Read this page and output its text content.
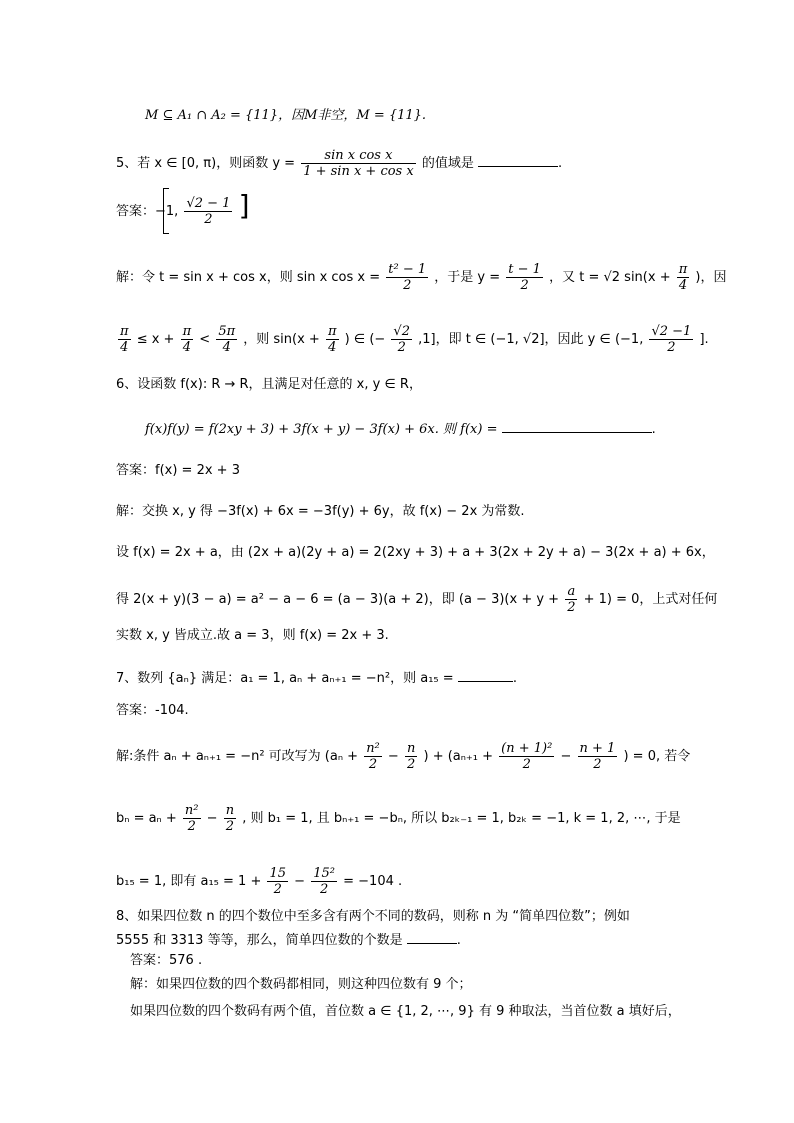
M ⊆ A₁ ∩ A₂ = {11}，因M非空，M = {11}.
5、若 x ∈ [0, π)，则函数 $y = \frac{\text{sin x cos x}}{\text{1 + sin x + cos x}}$ 的值域是	.
答案：−1, $\frac{√2 - 1}{2}$ ]
解：令 t = sin x + cos x，则 sin x $\cos x = \frac{\text{t² − 1}}{2}$ ，于是 $y = \frac{t - 1}{2}$ ，又 t = √2 $\sin(x + \frac{\pi}{4}$ )，因
$\frac{\pi}{4} \le x + \frac{\pi}{4} < \frac{5\pi}{4}$ ，则 $\sin(x + \frac{\pi}{4}$ ) ∈ (− $\frac{√2}{2} ,1$]，即 t ∈ (−1, √2]，因此 y ∈ (−1, $\frac{√2 -1}{2}$ ].
6、设函数 f(x): R → R，且满足对任意的 x, y ∈ R，
f(x)f(y) = f(2xy + 3) + 3f(x + y) − 3f(x) + 6x. 则 f(x) =	.
答案：f(x) = 2x + 3
解：交换 x, y 得 −3f(x) + 6x = −3f(y) + 6y，故 f(x) − 2x 为常数.
设 f(x) = 2x + a，由 (2x + a)(2y + a) = 2(2xy + 3) + a + 3(2x + 2y + a) − 3(2x + a) + 6x，
得 2(x + y)(3 − a) = a² − a − 6 = (a − 3)(a + 2)，即 $(a - 3)(x + y + \frac{a}{2} + 1) = 0$，上式对任何
实数 x, y 皆成立.故 a = 3，则 f(x) = 2x + 3.
7、数列 {aₙ} 满足：a₁ = 1, aₙ + aₙ₊₁ = −n²，则 a₁₅ =	.
答案：-104.
解:条件 aₙ + aₙ₊₁ = −n² 可改写为 ($a_n + \frac{\text{n²}}{2} - \frac{n}{2}$ ) + ($a_{n+1} + \frac{\text{(n + 1)²}}{2} - \frac{n + 1}{2}$ ) = 0, 若令
$b_n = a_n + \frac{\text{n²}}{2} - \frac{n}{2}$ , 则 b₁ = 1, 且 bₙ₊₁ = −bₙ, 所以 b₂ₖ₋₁ = 1, b₂ₖ = −1, k = 1, 2, ⋯, 于是
b₁₅ = 1, 即有 $a_{15} = 1 + \frac{15}{2} - \frac{\text{15²}}{2} = -104$ .
8、如果四位数 n 的四个数位中至多含有两个不同的数码，则称 n 为 “简单四位数”；例如
5555 和 3313 等等，那么，简单四位数的个数是	.
答案：576 .
解：如果四位数的四个数码都相同，则这种四位数有 9 个；
如果四位数的四个数码有两个值，首位数 a ∈ {1, 2, ⋯, 9} 有 9 种取法，当首位数 a 填好后，
